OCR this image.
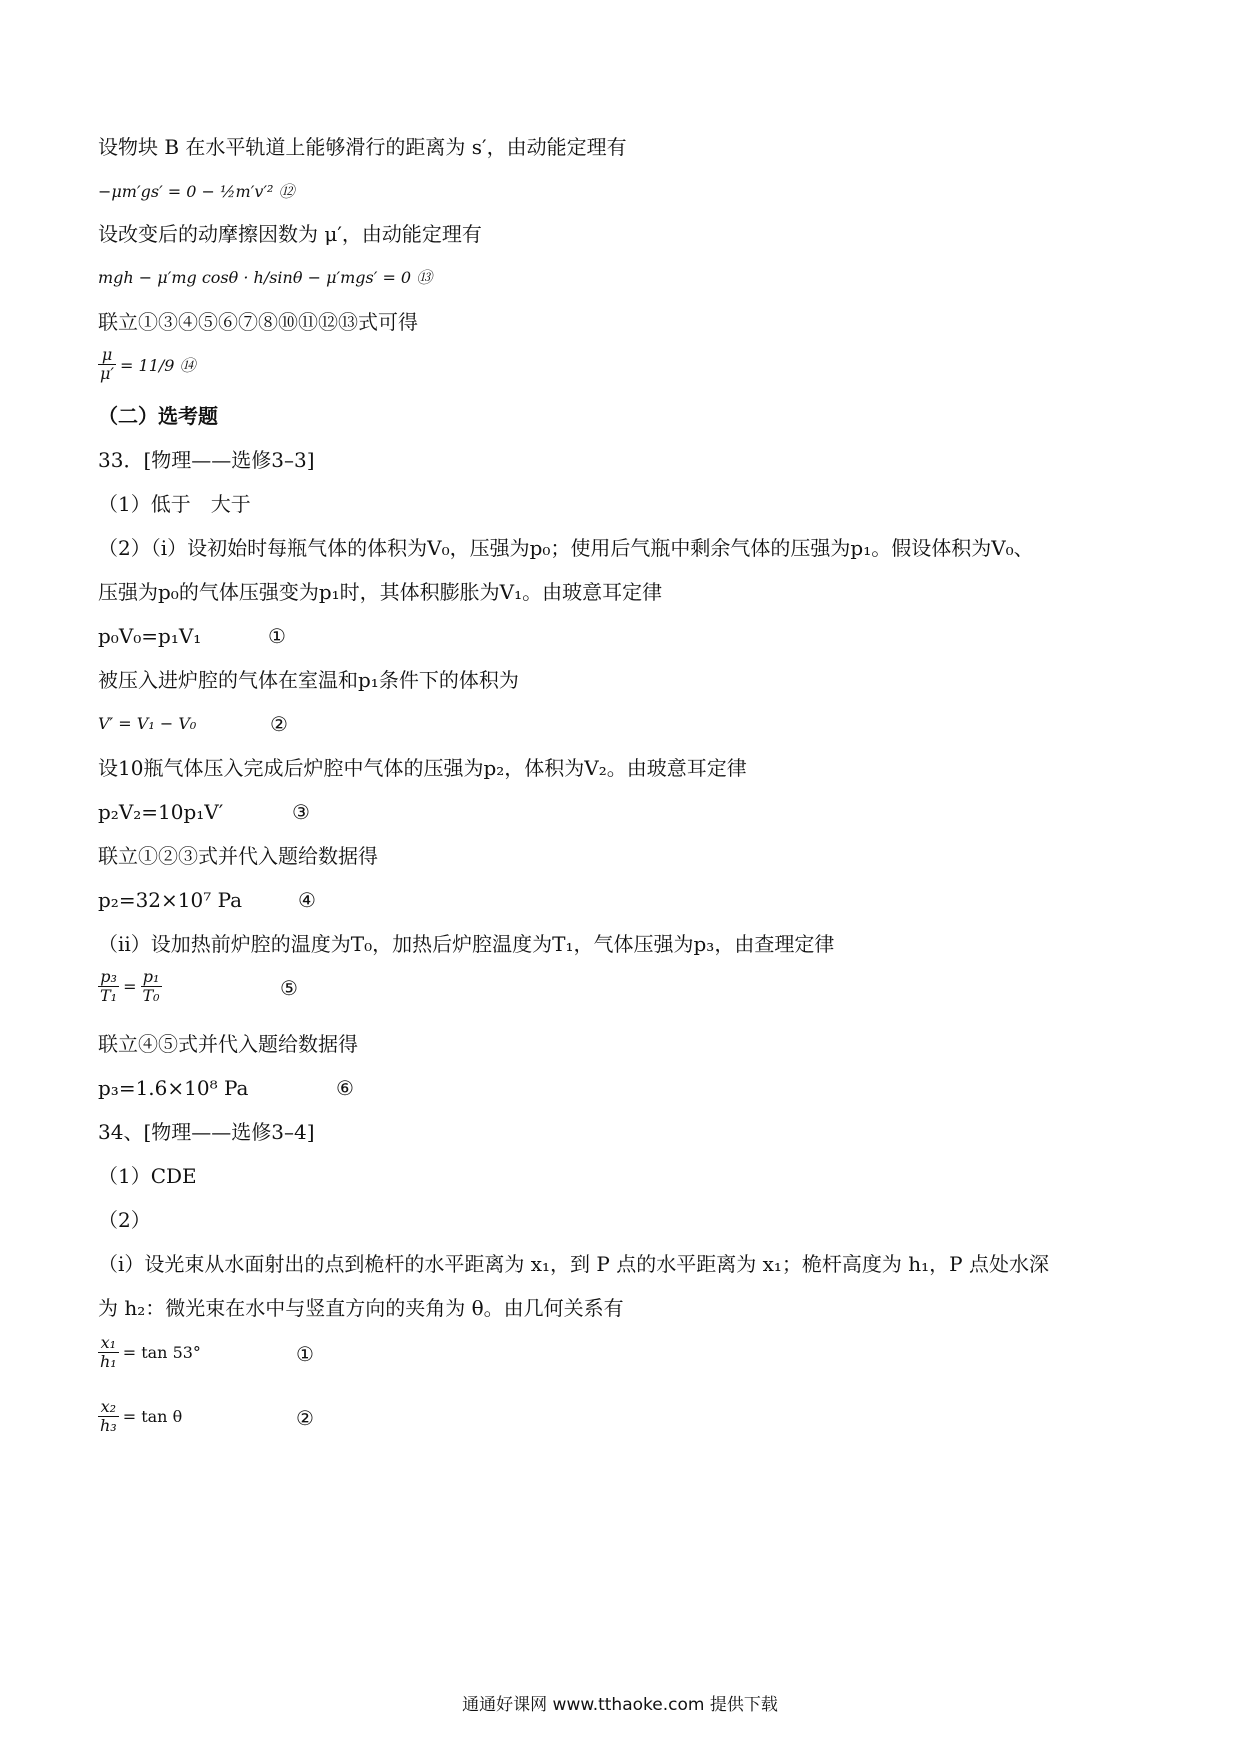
设物块 B 在水平轨道上能够滑行的距离为 s′，由动能定理有
−μm′gs′ = 0 − ½m′v′² ⑫
设改变后的动摩擦因数为 μ′，由动能定理有
mgh − μ′mg cosθ · h/sinθ − μ′mgs′ = 0 ⑬
联立①③④⑤⑥⑦⑧⑩⑪⑫⑬式可得
$\frac{\mu}{\mu'} = 11/9$ ⑭
（二）选考题
33．[物理——选修3–3]
（1）低于　大于
（2）（i）设初始时每瓶气体的体积为V₀，压强为p₀；使用后气瓶中剩余气体的压强为p₁。假设体积为V₀、
压强为p₀的气体压强变为p₁时，其体积膨胀为V₁。由玻意耳定律
p₀V₀=p₁V₁	①
被压入进炉腔的气体在室温和p₁条件下的体积为
V′ = V₁ − V₀	②
设10瓶气体压入完成后炉腔中气体的压强为p₂，体积为V₂。由玻意耳定律
p₂V₂=10p₁V′	③
联立①②③式并代入题给数据得
p₂=32×10⁷ Pa	④
（ii）设加热前炉腔的温度为T₀，加热后炉腔温度为T₁，气体压强为p₃，由查理定律
$\frac{\text{p₃}}{\text{T₁}} = \frac{\text{p₁}}{\text{T₀}}$	⑤
联立④⑤式并代入题给数据得
p₃=1.6×10⁸ Pa	⑥
34、[物理——选修3–4]
（1）CDE
（2）
（i）设光束从水面射出的点到桅杆的水平距离为 x₁，到 P 点的水平距离为 x₁；桅杆高度为 h₁，P 点处水深
为 h₂：微光束在水中与竖直方向的夹角为 θ。由几何关系有
$\frac{\text{x₁}}{\text{h₁}} = \tan 53^\circ$	①
$\frac{\text{x₂}}{\text{h₃}} = \tan \theta$	②
通通好课网 www.tthaoke.com 提供下载
